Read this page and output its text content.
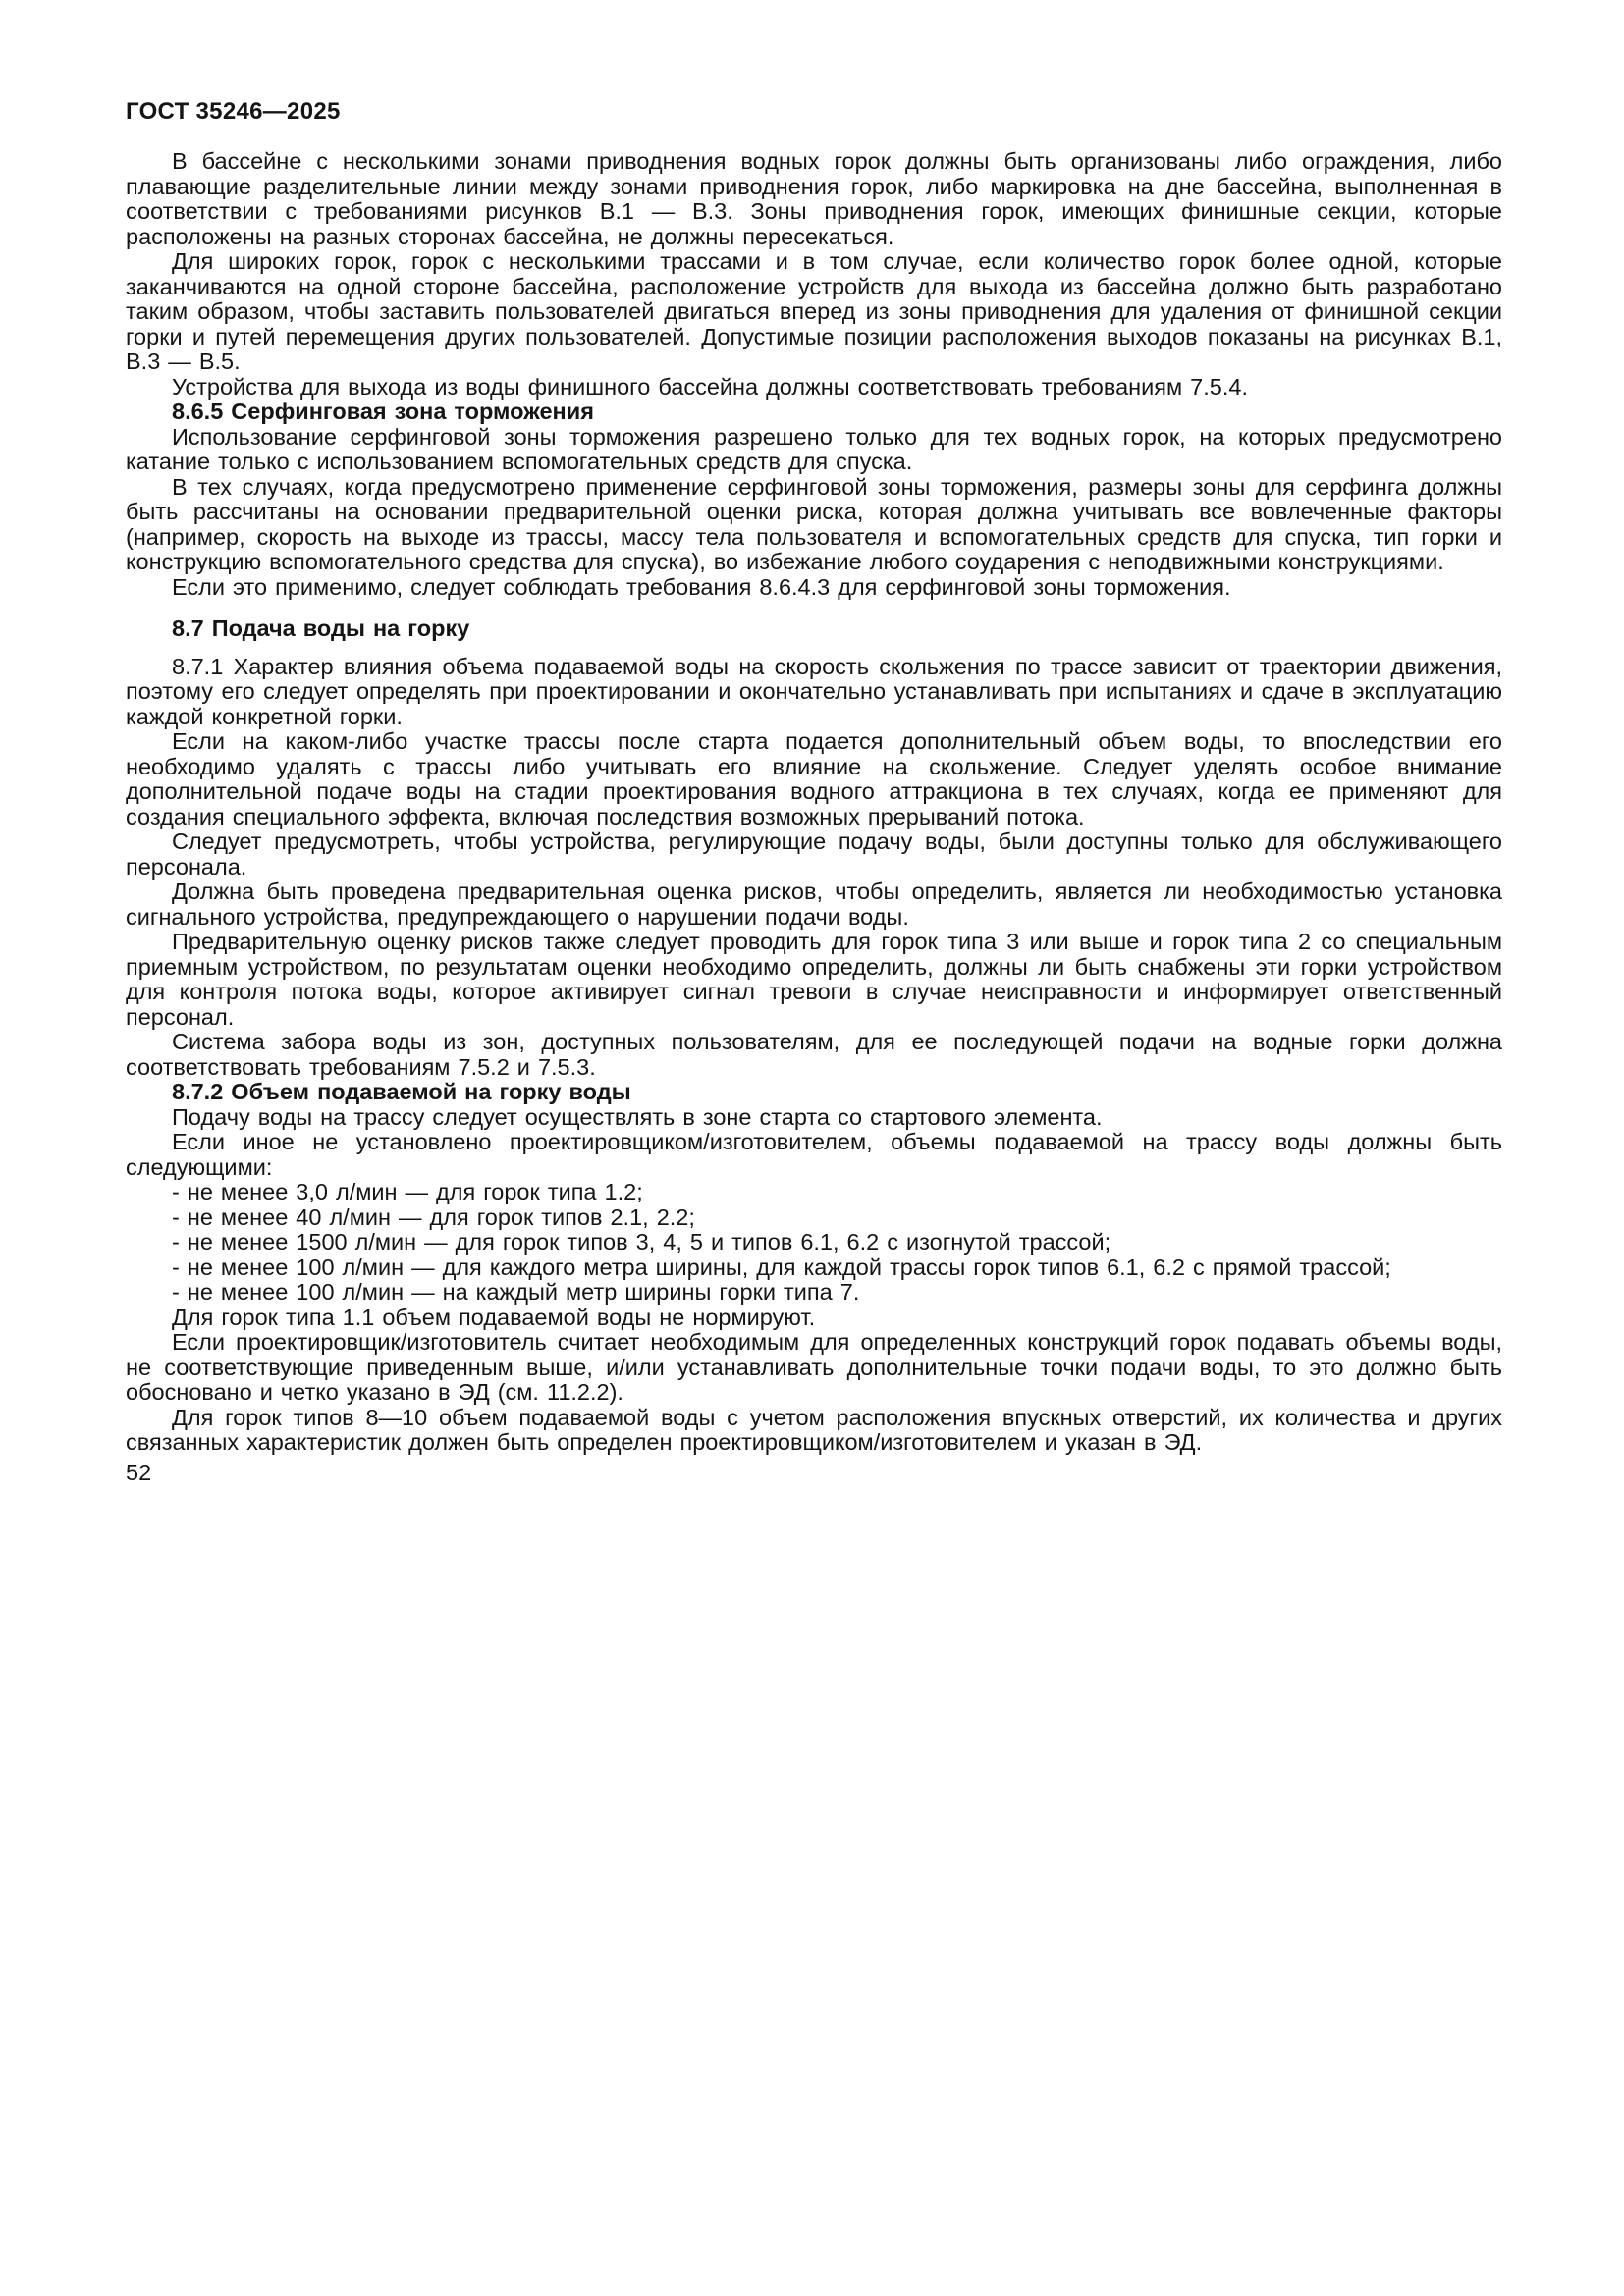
ГОСТ 35246—2025

В бассейне с несколькими зонами приводнения водных горок должны быть организованы либо ограждения, либо плавающие разделительные линии между зонами приводнения горок, либо маркировка на дне бассейна, выполненная в соответствии с требованиями рисунков В.1 — В.3. Зоны приводнения горок, имеющих финишные секции, которые расположены на разных сторонах бассейна, не должны пересекаться.

Для широких горок, горок с несколькими трассами и в том случае, если количество горок более одной, которые заканчиваются на одной стороне бассейна, расположение устройств для выхода из бассейна должно быть разработано таким образом, чтобы заставить пользователей двигаться вперед из зоны приводнения для удаления от финишной секции горки и путей перемещения других пользователей. Допустимые позиции расположения выходов показаны на рисунках В.1, В.3 — В.5.

Устройства для выхода из воды финишного бассейна должны соответствовать требованиям 7.5.4.

8.6.5 Серфинговая зона торможения

Использование серфинговой зоны торможения разрешено только для тех водных горок, на которых предусмотрено катание только с использованием вспомогательных средств для спуска.

В тех случаях, когда предусмотрено применение серфинговой зоны торможения, размеры зоны для серфинга должны быть рассчитаны на основании предварительной оценки риска, которая должна учитывать все вовлеченные факторы (например, скорость на выходе из трассы, массу тела пользователя и вспомогательных средств для спуска, тип горки и конструкцию вспомогательного средства для спуска), во избежание любого соударения с неподвижными конструкциями.

Если это применимо, следует соблюдать требования 8.6.4.3 для серфинговой зоны торможения.

8.7 Подача воды на горку

8.7.1 Характер влияния объема подаваемой воды на скорость скольжения по трассе зависит от траектории движения, поэтому его следует определять при проектировании и окончательно устанавливать при испытаниях и сдаче в эксплуатацию каждой конкретной горки.

Если на каком-либо участке трассы после старта подается дополнительный объем воды, то впоследствии его необходимо удалять с трассы либо учитывать его влияние на скольжение. Следует уделять особое внимание дополнительной подаче воды на стадии проектирования водного аттракциона в тех случаях, когда ее применяют для создания специального эффекта, включая последствия возможных прерываний потока.

Следует предусмотреть, чтобы устройства, регулирующие подачу воды, были доступны только для обслуживающего персонала.

Должна быть проведена предварительная оценка рисков, чтобы определить, является ли необходимостью установка сигнального устройства, предупреждающего о нарушении подачи воды.

Предварительную оценку рисков также следует проводить для горок типа 3 или выше и горок типа 2 со специальным приемным устройством, по результатам оценки необходимо определить, должны ли быть снабжены эти горки устройством для контроля потока воды, которое активирует сигнал тревоги в случае неисправности и информирует ответственный персонал.

Система забора воды из зон, доступных пользователям, для ее последующей подачи на водные горки должна соответствовать требованиям 7.5.2 и 7.5.3.

8.7.2 Объем подаваемой на горку воды

Подачу воды на трассу следует осуществлять в зоне старта со стартового элемента.

Если иное не установлено проектировщиком/изготовителем, объемы подаваемой на трассу воды должны быть следующими:

- не менее 3,0 л/мин — для горок типа 1.2;

- не менее 40 л/мин — для горок типов 2.1, 2.2;

- не менее 1500 л/мин — для горок типов 3, 4, 5 и типов 6.1, 6.2 с изогнутой трассой;

- не менее 100 л/мин — для каждого метра ширины, для каждой трассы горок типов 6.1, 6.2 с прямой трассой;

- не менее 100 л/мин — на каждый метр ширины горки типа 7.

Для горок типа 1.1 объем подаваемой воды не нормируют.

Если проектировщик/изготовитель считает необходимым для определенных конструкций горок подавать объемы воды, не соответствующие приведенным выше, и/или устанавливать дополнительные точки подачи воды, то это должно быть обосновано и четко указано в ЭД (см. 11.2.2).

Для горок типов 8—10 объем подаваемой воды с учетом расположения впускных отверстий, их количества и других связанных характеристик должен быть определен проектировщиком/изготовителем и указан в ЭД.

52
